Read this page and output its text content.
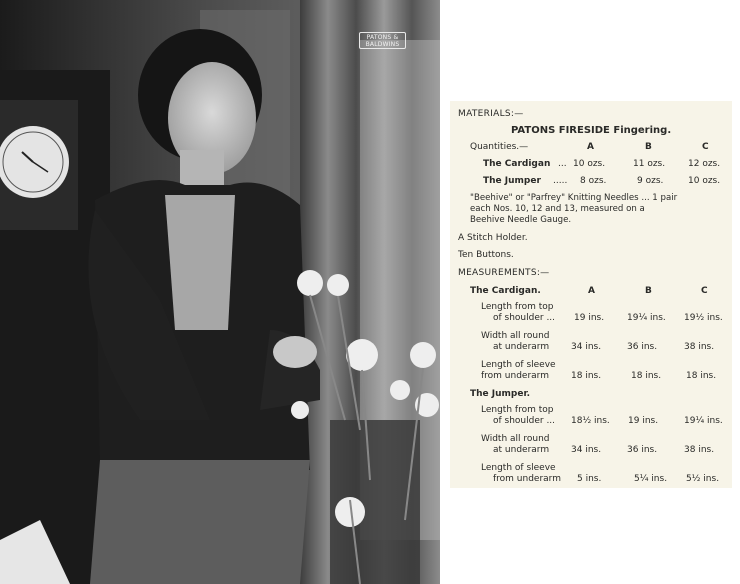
PATONS &
BALDWINS
MATERIALS:—
PATONS FIRESIDE Fingering.
Quantities.—	A	B	C
The Cardigan ... 10 ozs.	11 ozs.	12 ozs.
The Jumper ..... 8 ozs.	9 ozs.	10 ozs.
"Beehive" or "Parfrey" Knitting Needles ... 1 pair
each Nos. 10, 12 and 13, measured on a
Beehive Needle Gauge.
A Stitch Holder.
Ten Buttons.
MEASUREMENTS:—
The Cardigan.	A	B	C
Length from top
of shoulder ... 19 ins.	19¼ ins. 19½ ins.
Width all round
at underarm 34 ins.	36 ins.	38 ins.
Length of sleeve
from underarm 18 ins.	18 ins.	18 ins.
The Jumper.
Length from top
of shoulder ... 18½ ins. 19 ins.	19¼ ins.
Width all round
at underarm 34 ins.	36 ins.	38 ins.
Length of sleeve
from underarm 5 ins.	5¼ ins. 5½ ins.
